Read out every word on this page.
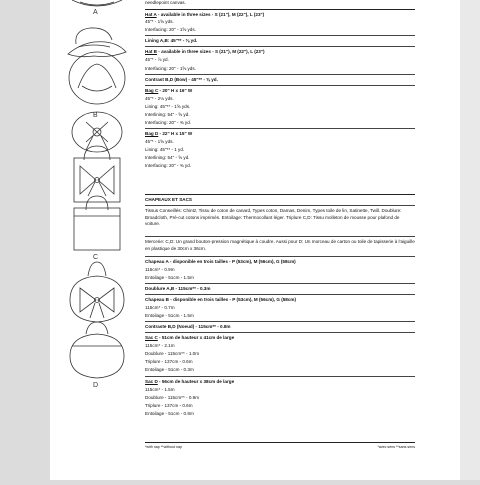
A
B
C
D
needlepoint canvas.
Hat A - available in three sizes - S (21"), M (22"), L (23")
45"* - 1⅝ yds.
Interfacing: 20" - 1⅝ yds.
Lining A,B: 45"** - ⅜ yd.
Hat B - available in three sizes - S (21"), M (22"), L (23")
45"* - ⅞ yd.
Interfacing: 20" - 1⅝ yds.
Contrast B,D (Bow) - 45"** - ⅝ yd.
Bag C - 20" H x 16" W
45"* - 2⅛ yds.
Lining: 45"** - 1⅝ yds.
Interlining: 54" - ⅝ yd.
Interfacing: 20" - ⅜ yd.
Bag D - 22" H x 15" W
45"* - 1⅝ yds.
Lining: 45"** - 1 yd.
Interlining: 54" - ⅝ yd.
Interfacing: 20" - ⅜ yd.
CHAPEAUX ET SACS
Tissus Conseillés: Chintz, Tissu de coton de canard, Types coton, Damas, Denim, Types toile de lin, Satinette, Twill. Doublure: Broadcloth, Pré-cut cotons imprimés. Entoilage: Thermocollant léger. Triplure C,D: Tissu molleton de mousse pour plafond de voiture.
Mercerie: C,D: Un grand bouton-pression magnétique à coudre. Aussi pour D: Un morceau de carton ou toile de tapisserie à l'aiguille en plastique de 30cm x 36cm.
Chapeau A - disponible en trois tailles - P (53cm), M (56cm), G (58cm)
115cm* - 0.9m
Entoilage - 51cm - 1.5m
Doublure A,B - 115cm** - 0.3m
Chapeau B - disponible en trois tailles - P (53cm), M (56cm), G (58cm)
115cm* - 0.7m
Entoilage - 51cm - 1.5m
Contraste B,D (Noeud) - 115cm** - 0.8m
Sac C - 51cm de hauteur x 41cm de large
115cm* - 2.1m
Doublure - 115cm** - 1.0m
Triplure - 137cm - 0.6m
Entoilage - 51cm - 0.3m
Sac D - 56cm de hauteur x 38cm de large
115cm* - 1.5m
Doublure - 115cm** - 0.9m
Triplure - 137cm - 0.6m
Entoilage - 51cm - 0.8m
*with nap **without nap	*avec sens **sans sens
